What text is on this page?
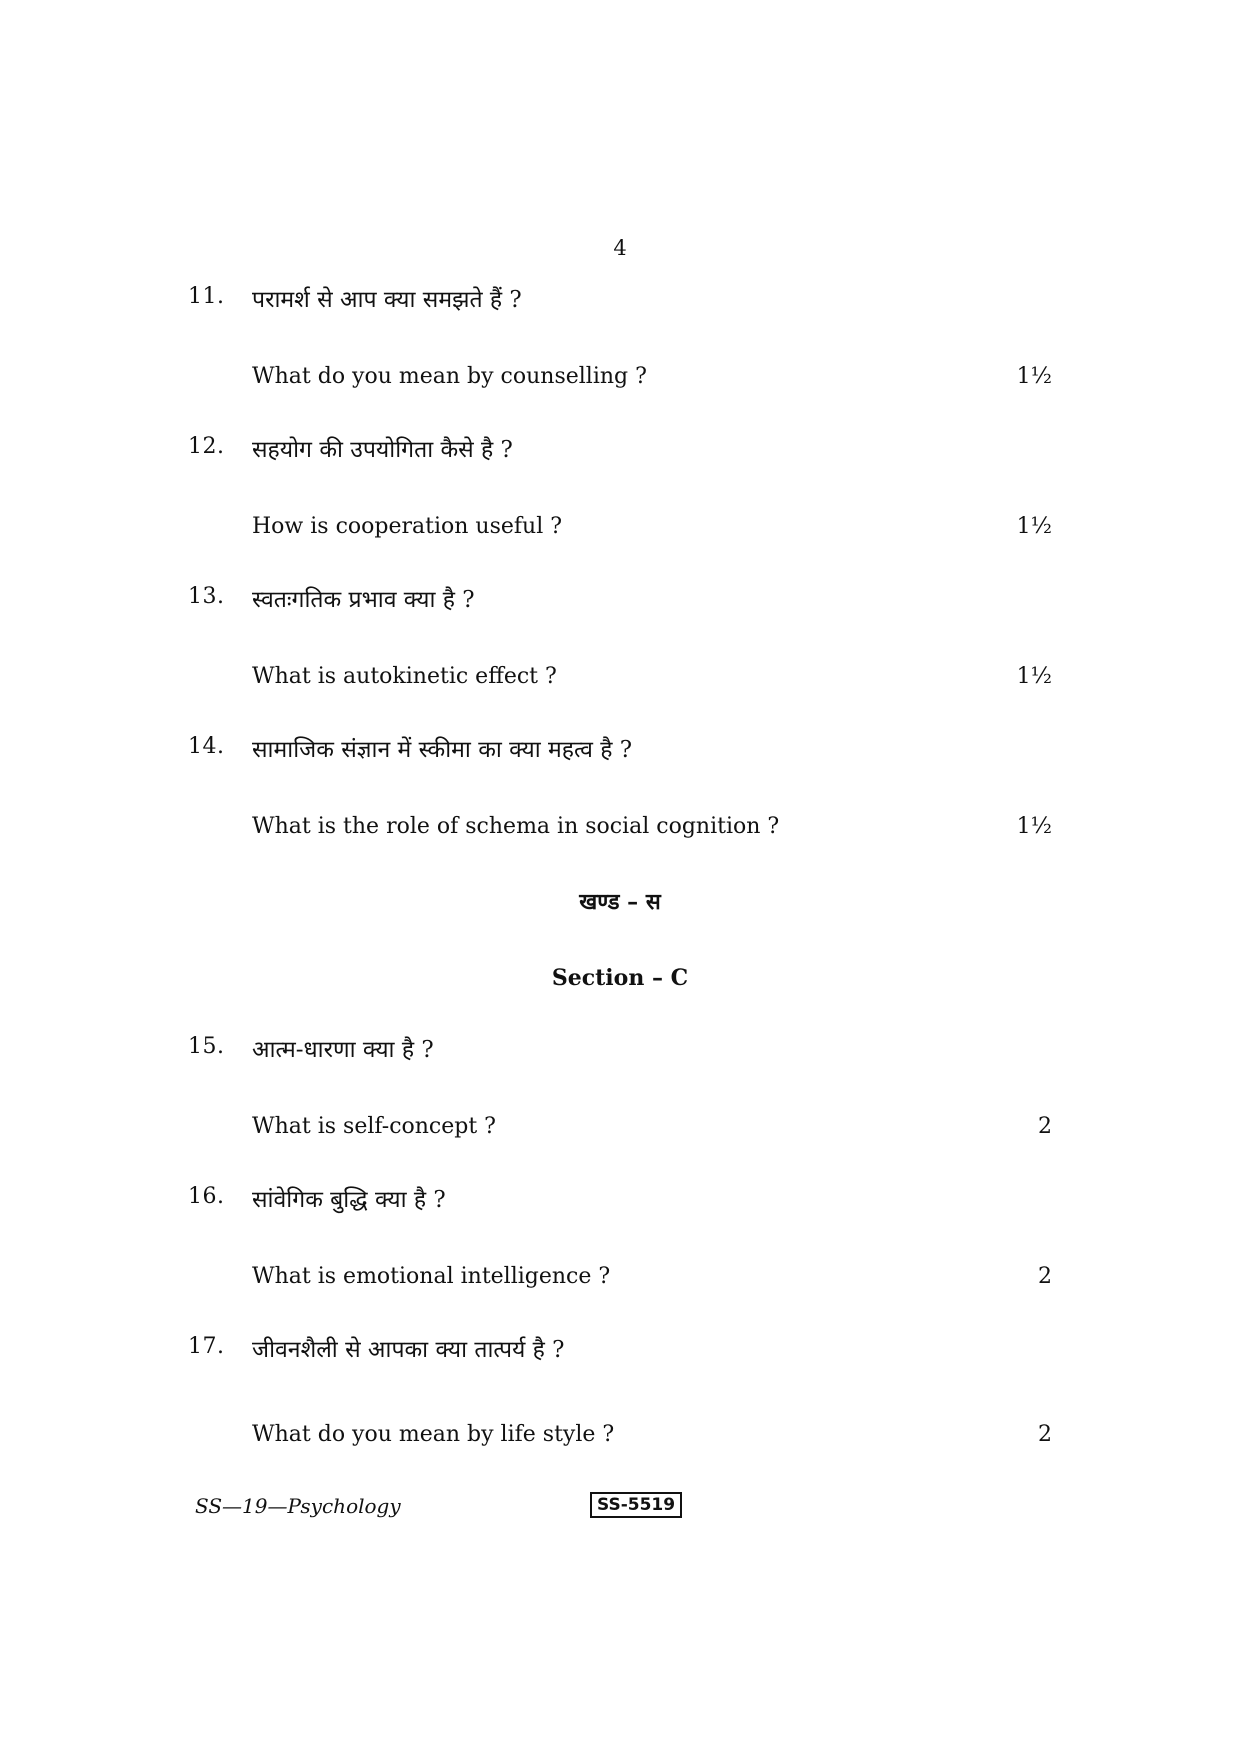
4
11.	परामर्श से आप क्या समझते हैं ?
What do you mean by counselling ?	1½
12.	सहयोग की उपयोगिता कैसे है ?
How is cooperation useful ?	1½
13.	स्वतःगतिक प्रभाव क्या है ?
What is autokinetic effect ?	1½
14.	सामाजिक संज्ञान में स्कीमा का क्या महत्व है ?
What is the role of schema in social cognition ?	1½
खण्ड – स
Section – C
15.	आत्म-धारणा क्या है ?
What is self-concept ?	2
16.	सांवेगिक बुद्धि क्या है ?
What is emotional intelligence ?	2
17.	जीवनशैली से आपका क्या तात्पर्य है ?
What do you mean by life style ?	2
SS—19—Psychology	SS-5519
